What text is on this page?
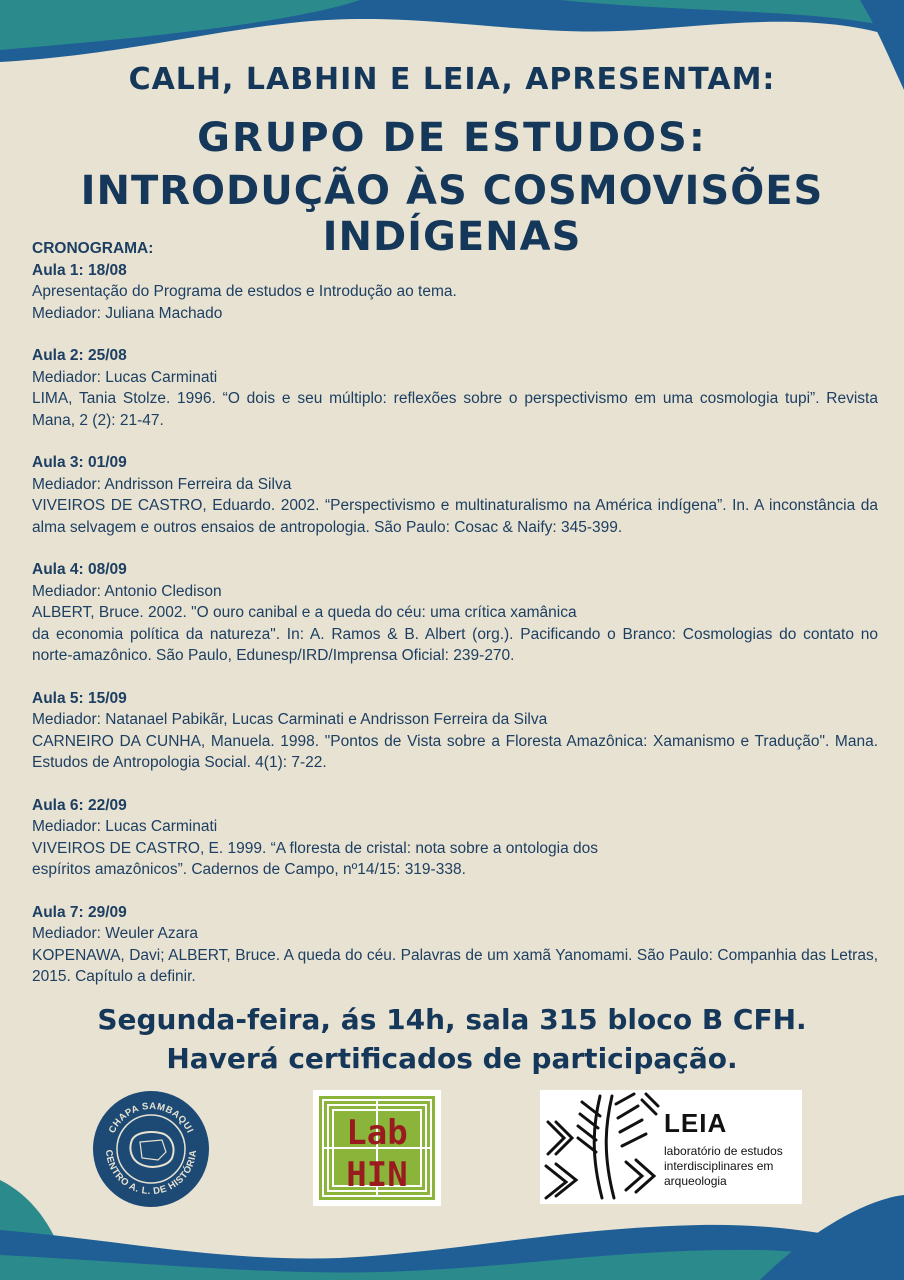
CALH, LABHIN E LEIA, APRESENTAM:
GRUPO DE ESTUDOS:
INTRODUÇÃO ÀS COSMOVISÕES INDÍGENAS
CRONOGRAMA:
Aula 1: 18/08
Apresentação do Programa de estudos e Introdução ao tema.
Mediador: Juliana Machado
Aula 2: 25/08
Mediador: Lucas Carminati
LIMA, Tania Stolze. 1996. “O dois e seu múltiplo: reflexões sobre o perspectivismo em uma cosmologia tupi”. Revista Mana, 2 (2): 21-47.
Aula 3: 01/09
Mediador: Andrisson Ferreira da Silva
VIVEIROS DE CASTRO, Eduardo. 2002. “Perspectivismo e multinaturalismo na América indígena”. In. A inconstância da alma selvagem e outros ensaios de antropologia. São Paulo: Cosac & Naify: 345-399.
Aula 4: 08/09
Mediador: Antonio Cledison
ALBERT, Bruce. 2002. "O ouro canibal e a queda do céu: uma crítica xamânica
da economia política da natureza". In: A. Ramos & B. Albert (org.). Pacificando o Branco: Cosmologias do contato no norte-amazônico. São Paulo, Edunesp/IRD/Imprensa Oficial: 239-270.
Aula 5: 15/09
Mediador: Natanael Pabikãr, Lucas Carminati e Andrisson Ferreira da Silva
CARNEIRO DA CUNHA, Manuela. 1998. "Pontos de Vista sobre a Floresta Amazônica: Xamanismo e Tradução". Mana. Estudos de Antropologia Social. 4(1): 7-22.
Aula 6: 22/09
Mediador: Lucas Carminati
VIVEIROS DE CASTRO, E. 1999. “A floresta de cristal: nota sobre a ontologia dos
espíritos amazônicos”. Cadernos de Campo, nº14/15: 319-338.
Aula 7: 29/09
Mediador: Weuler Azara
KOPENAWA, Davi; ALBERT, Bruce. A queda do céu. Palavras de um xamã Yanomami. São Paulo: Companhia das Letras, 2015. Capítulo a definir.
Segunda-feira, ás 14h, sala 315 bloco B CFH.
Haverá certificados de participação.
CHAPA SAMBAQUI
CENTRO A. L. DE HISTÓRIA
Lab
HIN
LEIA
laboratório de estudos interdisciplinares em arqueologia
